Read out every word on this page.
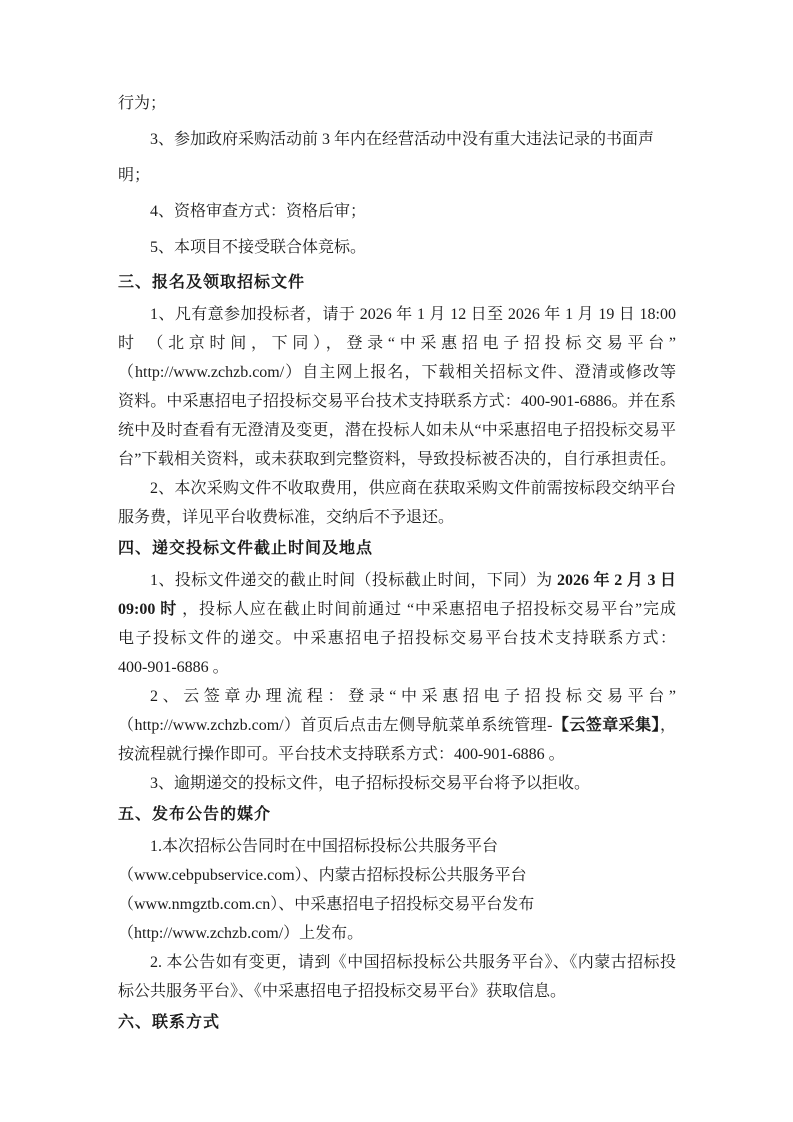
行为；
3、参加政府采购活动前 3 年内在经营活动中没有重大违法记录的书面声明；
4、资格审查方式：资格后审；
5、本项目不接受联合体竞标。
三、报名及领取招标文件
1、凡有意参加投标者，请于 2026 年 1 月 12 日至 2026 年 1 月 19 日 18:00
时 （北京时间，下同），登录“中采惠招电子招投标交易平台”
（http://www.zchzb.com/）自主网上报名，下载相关招标文件、澄清或修改等
资料。中采惠招电子招投标交易平台技术支持联系方式：400-901-6886。并在系
统中及时查看有无澄清及变更，潜在投标人如未从“中采惠招电子招投标交易平
台”下载相关资料，或未获取到完整资料，导致投标被否决的，自行承担责任。
2、本次采购文件不收取费用，供应商在获取采购文件前需按标段交纳平台
服务费，详见平台收费标准，交纳后不予退还。
四、递交投标文件截止时间及地点
1、投标文件递交的截止时间（投标截止时间，下同）为 2026 年 2 月 3 日
09:00 时 ，投标人应在截止时间前通过 “中采惠招电子招投标交易平台”完成
电子投标文件的递交。中采惠招电子招投标交易平台技术支持联系方式：
400-901-6886 。
2、云签章办理流程：登录“中采惠招电子招投标交易平台”
（http://www.zchzb.com/）首页后点击左侧导航菜单系统管理-【云签章采集】，
按流程就行操作即可。平台技术支持联系方式：400-901-6886 。
3、逾期递交的投标文件，电子招标投标交易平台将予以拒收。
五、发布公告的媒介
1.本次招标公告同时在中国招标投标公共服务平台
（www.cebpubservice.com）、内蒙古招标投标公共服务平台
（www.nmgztb.com.cn）、中采惠招电子招投标交易平台发布
（http://www.zchzb.com/）上发布。
2. 本公告如有变更，请到《中国招标投标公共服务平台》、《内蒙古招标投
标公共服务平台》、《中采惠招电子招投标交易平台》获取信息。
六、联系方式
